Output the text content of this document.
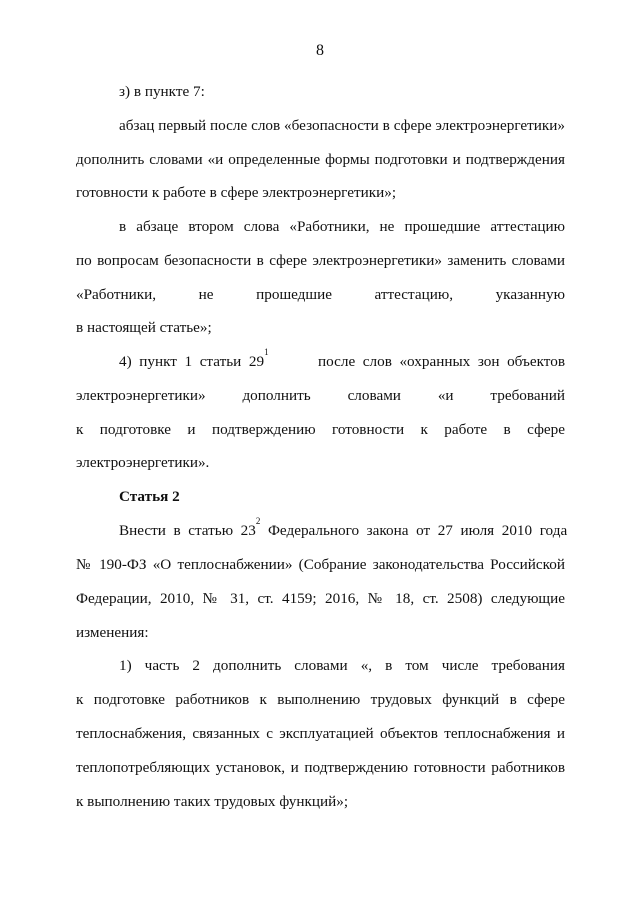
8
з) в пункте 7:
абзац первый после слов «безопасности в сфере электроэнергетики»
дополнить словами «и определенные формы подготовки и подтверждения
готовности к работе в сфере электроэнергетики»;
в абзаце втором слова «Работники, не прошедшие аттестацию
по вопросам безопасности в сфере электроэнергетики» заменить словами
«Работники, не прошедшие аттестацию, указанную
в настоящей статье»;
4)  пункт  1  статьи  29
1
после  слов  «охранных  зон  объектов
электроэнергетики» дополнить словами «и требований
к подготовке и подтверждению готовности к работе в сфере
электроэнергетики».
Статья 2
Внести  в  статью  23
2
Федерального  закона  от  27  июля  2010  года
№ 190-ФЗ «О теплоснабжении» (Собрание законодательства Российской
Федерации, 2010, № 31, ст. 4159; 2016, № 18, ст. 2508) следующие
изменения:
1) часть 2 дополнить словами «, в том числе требования
к подготовке работников к выполнению трудовых функций в сфере
теплоснабжения, связанных с эксплуатацией объектов теплоснабжения и
теплопотребляющих установок, и подтверждению готовности работников
к выполнению таких трудовых функций»;
